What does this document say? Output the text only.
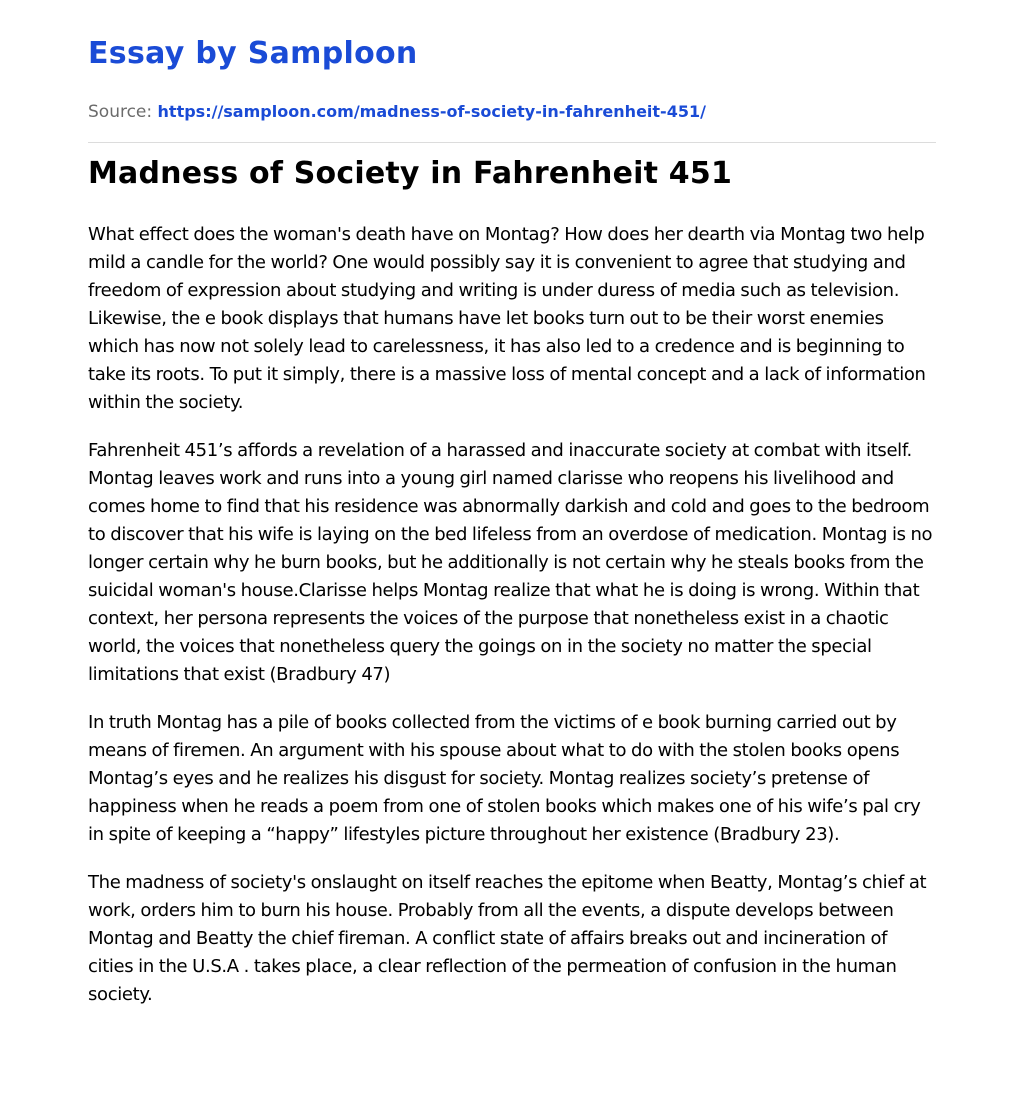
Essay by Samploon
Source: https://samploon.com/madness-of-society-in-fahrenheit-451/
Madness of Society in Fahrenheit 451

What effect does the woman's death have on Montag? How does her dearth via Montag two help mild a candle for the world? One would possibly say it is convenient to agree that studying and freedom of expression about studying and writing is under duress of media such as television. Likewise, the e book displays that humans have let books turn out to be their worst enemies which has now not solely lead to carelessness, it has also led to a credence and is beginning to take its roots. To put it simply, there is a massive loss of mental concept and a lack of information within the society.

Fahrenheit 451’s affords a revelation of a harassed and inaccurate society at combat with itself. Montag leaves work and runs into a young girl named clarisse who reopens his livelihood and comes home to find that his residence was abnormally darkish and cold and goes to the bedroom to discover that his wife is laying on the bed lifeless from an overdose of medication. Montag is no longer certain why he burn books, but he additionally is not certain why he steals books from the suicidal woman's house.Clarisse helps Montag realize that what he is doing is wrong. Within that context, her persona represents the voices of the purpose that nonetheless exist in a chaotic world, the voices that nonetheless query the goings on in the society no matter the special limitations that exist (Bradbury 47)

In truth Montag has a pile of books collected from the victims of e book burning carried out by means of firemen. An argument with his spouse about what to do with the stolen books opens Montag’s eyes and he realizes his disgust for society. Montag realizes society’s pretense of happiness when he reads a poem from one of stolen books which makes one of his wife’s pal cry in spite of keeping a “happy” lifestyles picture throughout her existence (Bradbury 23).

The madness of society's onslaught on itself reaches the epitome when Beatty, Montag’s chief at work, orders him to burn his house. Probably from all the events, a dispute develops between Montag and Beatty the chief fireman. A conflict state of affairs breaks out and incineration of cities in the U.S.A . takes place, a clear reflection of the permeation of confusion in the human society.
